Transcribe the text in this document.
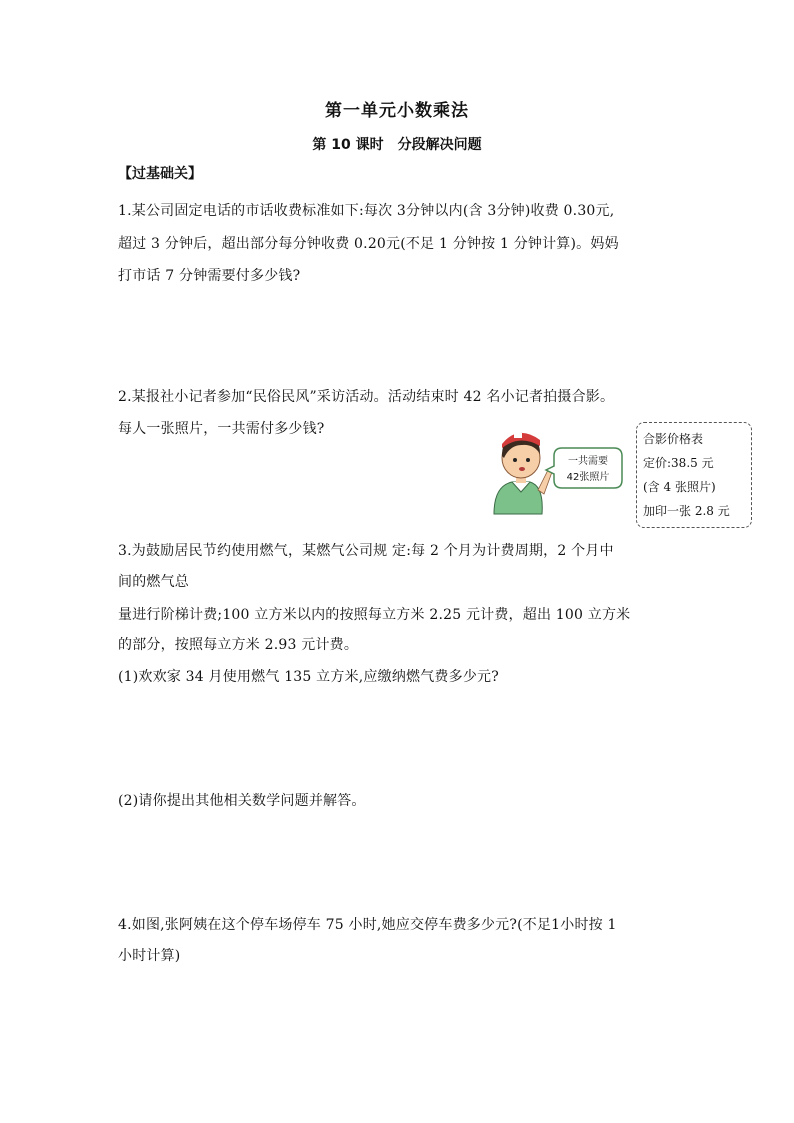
第一单元小数乘法
第 10 课时　分段解决问题
【过基础关】
1.某公司固定电话的市话收费标准如下:每次 3分钟以内(含 3分钟)收费 0.30元,
超过 3 分钟后，超出部分每分钟收费 0.20元(不足 1 分钟按 1 分钟计算)。妈妈
打市话 7 分钟需要付多少钱?
2.某报社小记者参加“民俗民风”采访活动。活动结束时 42 名小记者拍摄合影。
每人一张照片，一共需付多少钱?
一共需要
42张照片
合影价格表
定价:38.5 元
(含 4 张照片)
加印一张 2.8 元
3.为鼓励居民节约使用燃气，某燃气公司规 定:每 2 个月为计费周期，2 个月中
间的燃气总
量进行阶梯计费;100 立方米以内的按照每立方米 2.25 元计费，超出 100 立方米
的部分，按照每立方米 2.93 元计费。
(1)欢欢家 34 月使用燃气 135 立方米,应缴纳燃气费多少元?
(2)请你提出其他相关数学问题并解答。
4.如图,张阿姨在这个停车场停车 75 小时,她应交停车费多少元?(不足1小时按 1
小时计算)
